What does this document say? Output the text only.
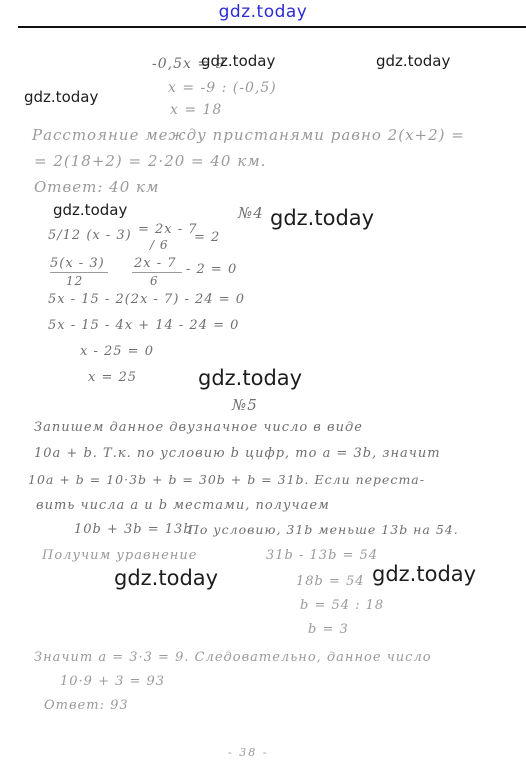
gdz.today
-0,5x = 9
x = -9 : (-0,5)
x = 18
Расстояние между пристанями равно 2(x+2) =
= 2(18+2) = 2·20 = 40 км.
Ответ: 40 км
№4
5/12 (x - 3) = 2x - 7
/ 6 = 2
5(x - 3)
12
2x - 7
6
- 2 = 0
5x - 15 - 2(2x - 7) - 24 = 0
5x - 15 - 4x + 14 - 24 = 0
x - 25 = 0
x = 25
№5
Запишем данное двузначное число в виде
10a + b. Т.к. по условию b цифр, то a = 3b, значит
10a + b = 10·3b + b = 30b + b = 31b. Если перестa-
вить числа a и b местами, получаем
10b + 3b = 13b
По условию, 31b меньше 13b на 54.
Получим уравнение	31b - 13b = 54
18b = 54
b = 54 : 18
b = 3
Значит a = 3·3 = 9. Следовательно, данное число
10·9 + 3 = 93
Ответ: 93
- 38 -
gdz.today	gdz.today
gdz.today
gdz.today	gdz.today
gdz.today
gdz.today	gdz.today
